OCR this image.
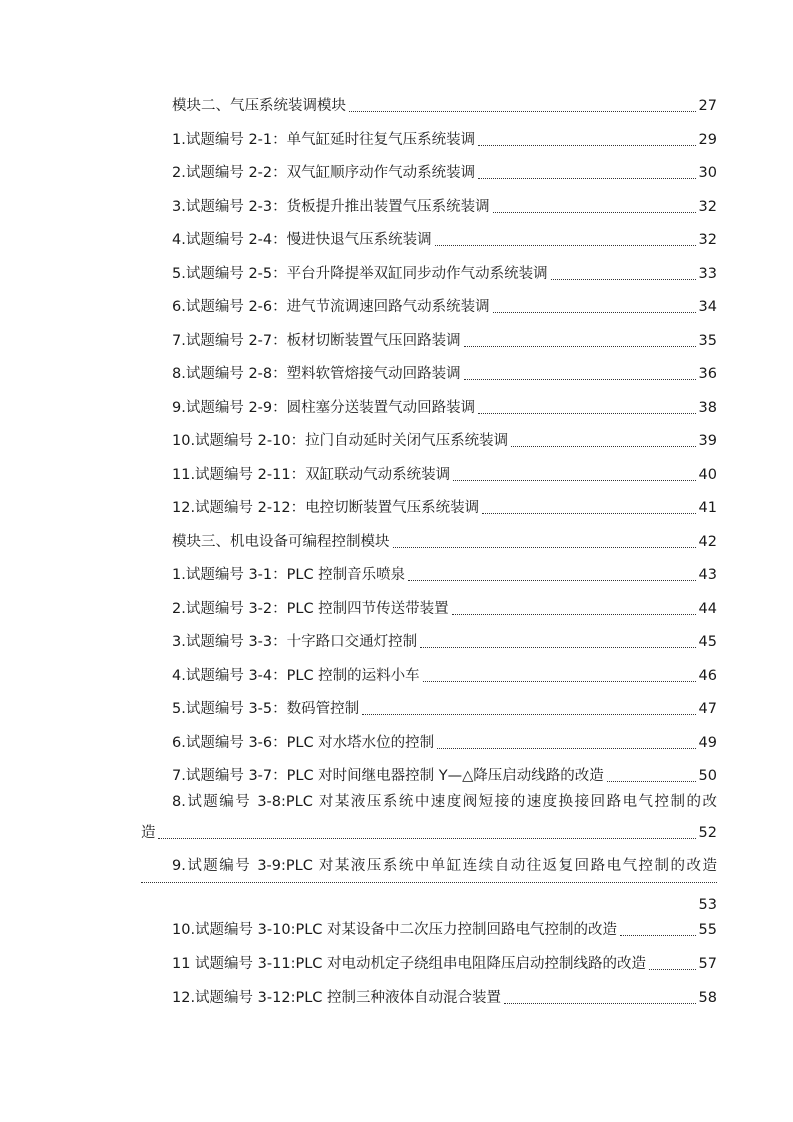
模块二、气压系统装调模块	27
1.试题编号 2-1：单气缸延时往复气压系统装调	29
2.试题编号 2-2：双气缸顺序动作气动系统装调	30
3.试题编号 2-3：货板提升推出装置气压系统装调	32
4.试题编号 2-4：慢进快退气压系统装调	32
5.试题编号 2-5：平台升降提举双缸同步动作气动系统装调	33
6.试题编号 2-6：进气节流调速回路气动系统装调	34
7.试题编号 2-7：板材切断装置气压回路装调	35
8.试题编号 2-8：塑料软管熔接气动回路装调	36
9.试题编号 2-9：圆柱塞分送装置气动回路装调	38
10.试题编号 2-10：拉门自动延时关闭气压系统装调	39
11.试题编号 2-11：双缸联动气动系统装调	40
12.试题编号 2-12：电控切断装置气压系统装调	41
模块三、机电设备可编程控制模块	42
1.试题编号 3-1：PLC 控制音乐喷泉	43
2.试题编号 3-2：PLC 控制四节传送带装置	44
3.试题编号 3-3：十字路口交通灯控制	45
4.试题编号 3-4：PLC 控制的运料小车	46
5.试题编号 3-5：数码管控制	47
6.试题编号 3-6：PLC 对水塔水位的控制	49
7.试题编号 3-7：PLC 对时间继电器控制 Y—△降压启动线路的改造	50
8.试题编号 3-8:PLC 对某液压系统中速度阀短接的速度换接回路电气控制的改
造	52
9.试题编号 3-9:PLC 对某液压系统中单缸连续自动往返复回路电气控制的改造
53
10.试题编号 3-10:PLC 对某设备中二次压力控制回路电气控制的改造	55
11 试题编号 3-11:PLC 对电动机定子绕组串电阻降压启动控制线路的改造	57
12.试题编号 3-12:PLC 控制三种液体自动混合装置	58
